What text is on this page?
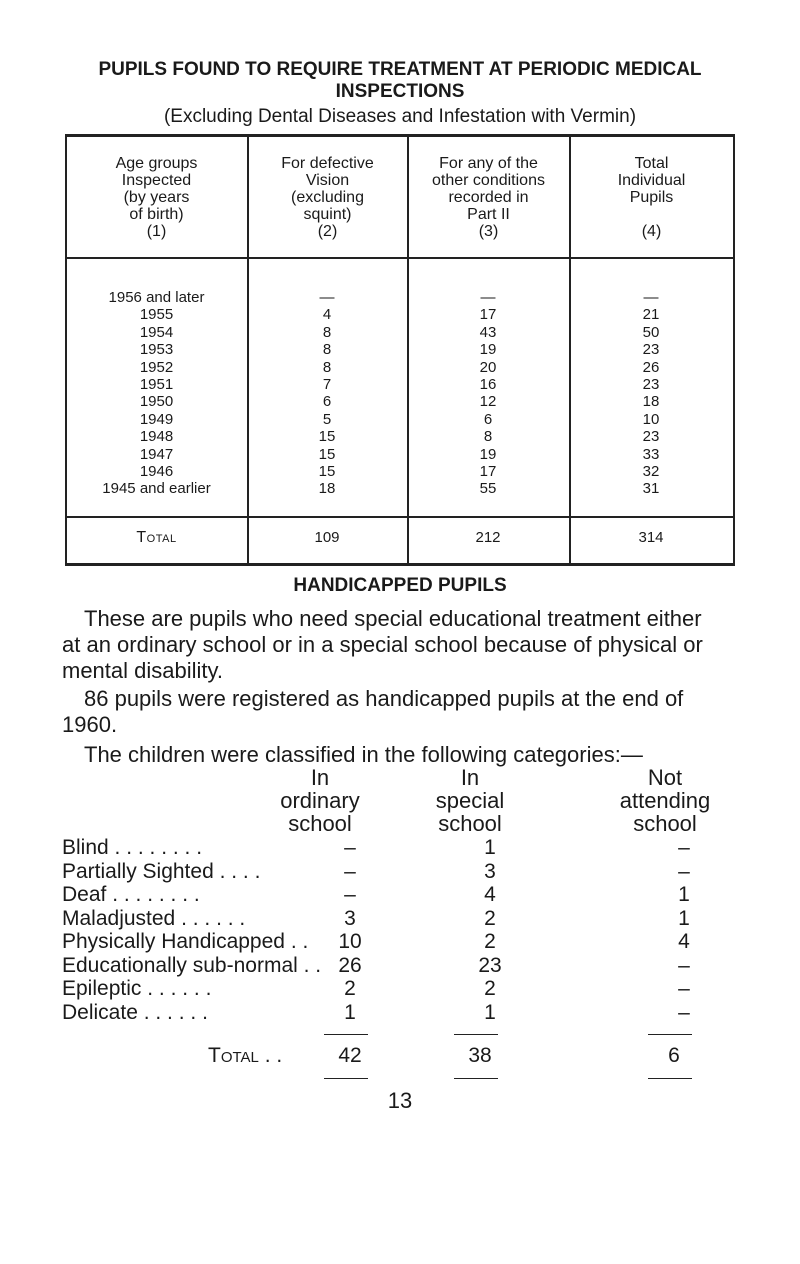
PUPILS FOUND TO REQUIRE TREATMENT AT PERIODIC MEDICAL
INSPECTIONS
(Excluding Dental Diseases and Infestation with Vermin)
Age groups
Inspected
(by years
of birth)
(1)
For defective
Vision
(excluding
squint)
(2)
For any of the
other conditions
recorded in
Part II
(3)
Total
Individual
Pupils
(4)
1956 and later	—	—	—
1955	4	17	21
1954	8	43	50
1953	8	19	23
1952	8	20	26
1951	7	16	23
1950	6	12	18
1949	5	6	10
1948	15	8	23
1947	15	19	33
1946	15	17	32
1945 and earlier	18	55	31
Total	109	212	314
HANDICAPPED PUPILS
These are pupils who need special educational treatment either
at an ordinary school or in a special school because of physical or
mental disability.
86 pupils were registered as handicapped pupils at the end of
1960.
The children were classified in the following categories:—
In
ordinary
school
In
special
school
Not
attending
school
Blind . . . . . . . .	–	1	–
Partially Sighted . . . .	–	3	–
Deaf . . . . . . . .	–	4	1
Maladjusted . . . . . .	3	2	1
Physically Handicapped . .	10	2	4
Educationally sub-normal . . 26	23	–
Epileptic . . . . . .	2	2	–
Delicate . . . . . .	1	1	–
Total . .	42	38	6
13
